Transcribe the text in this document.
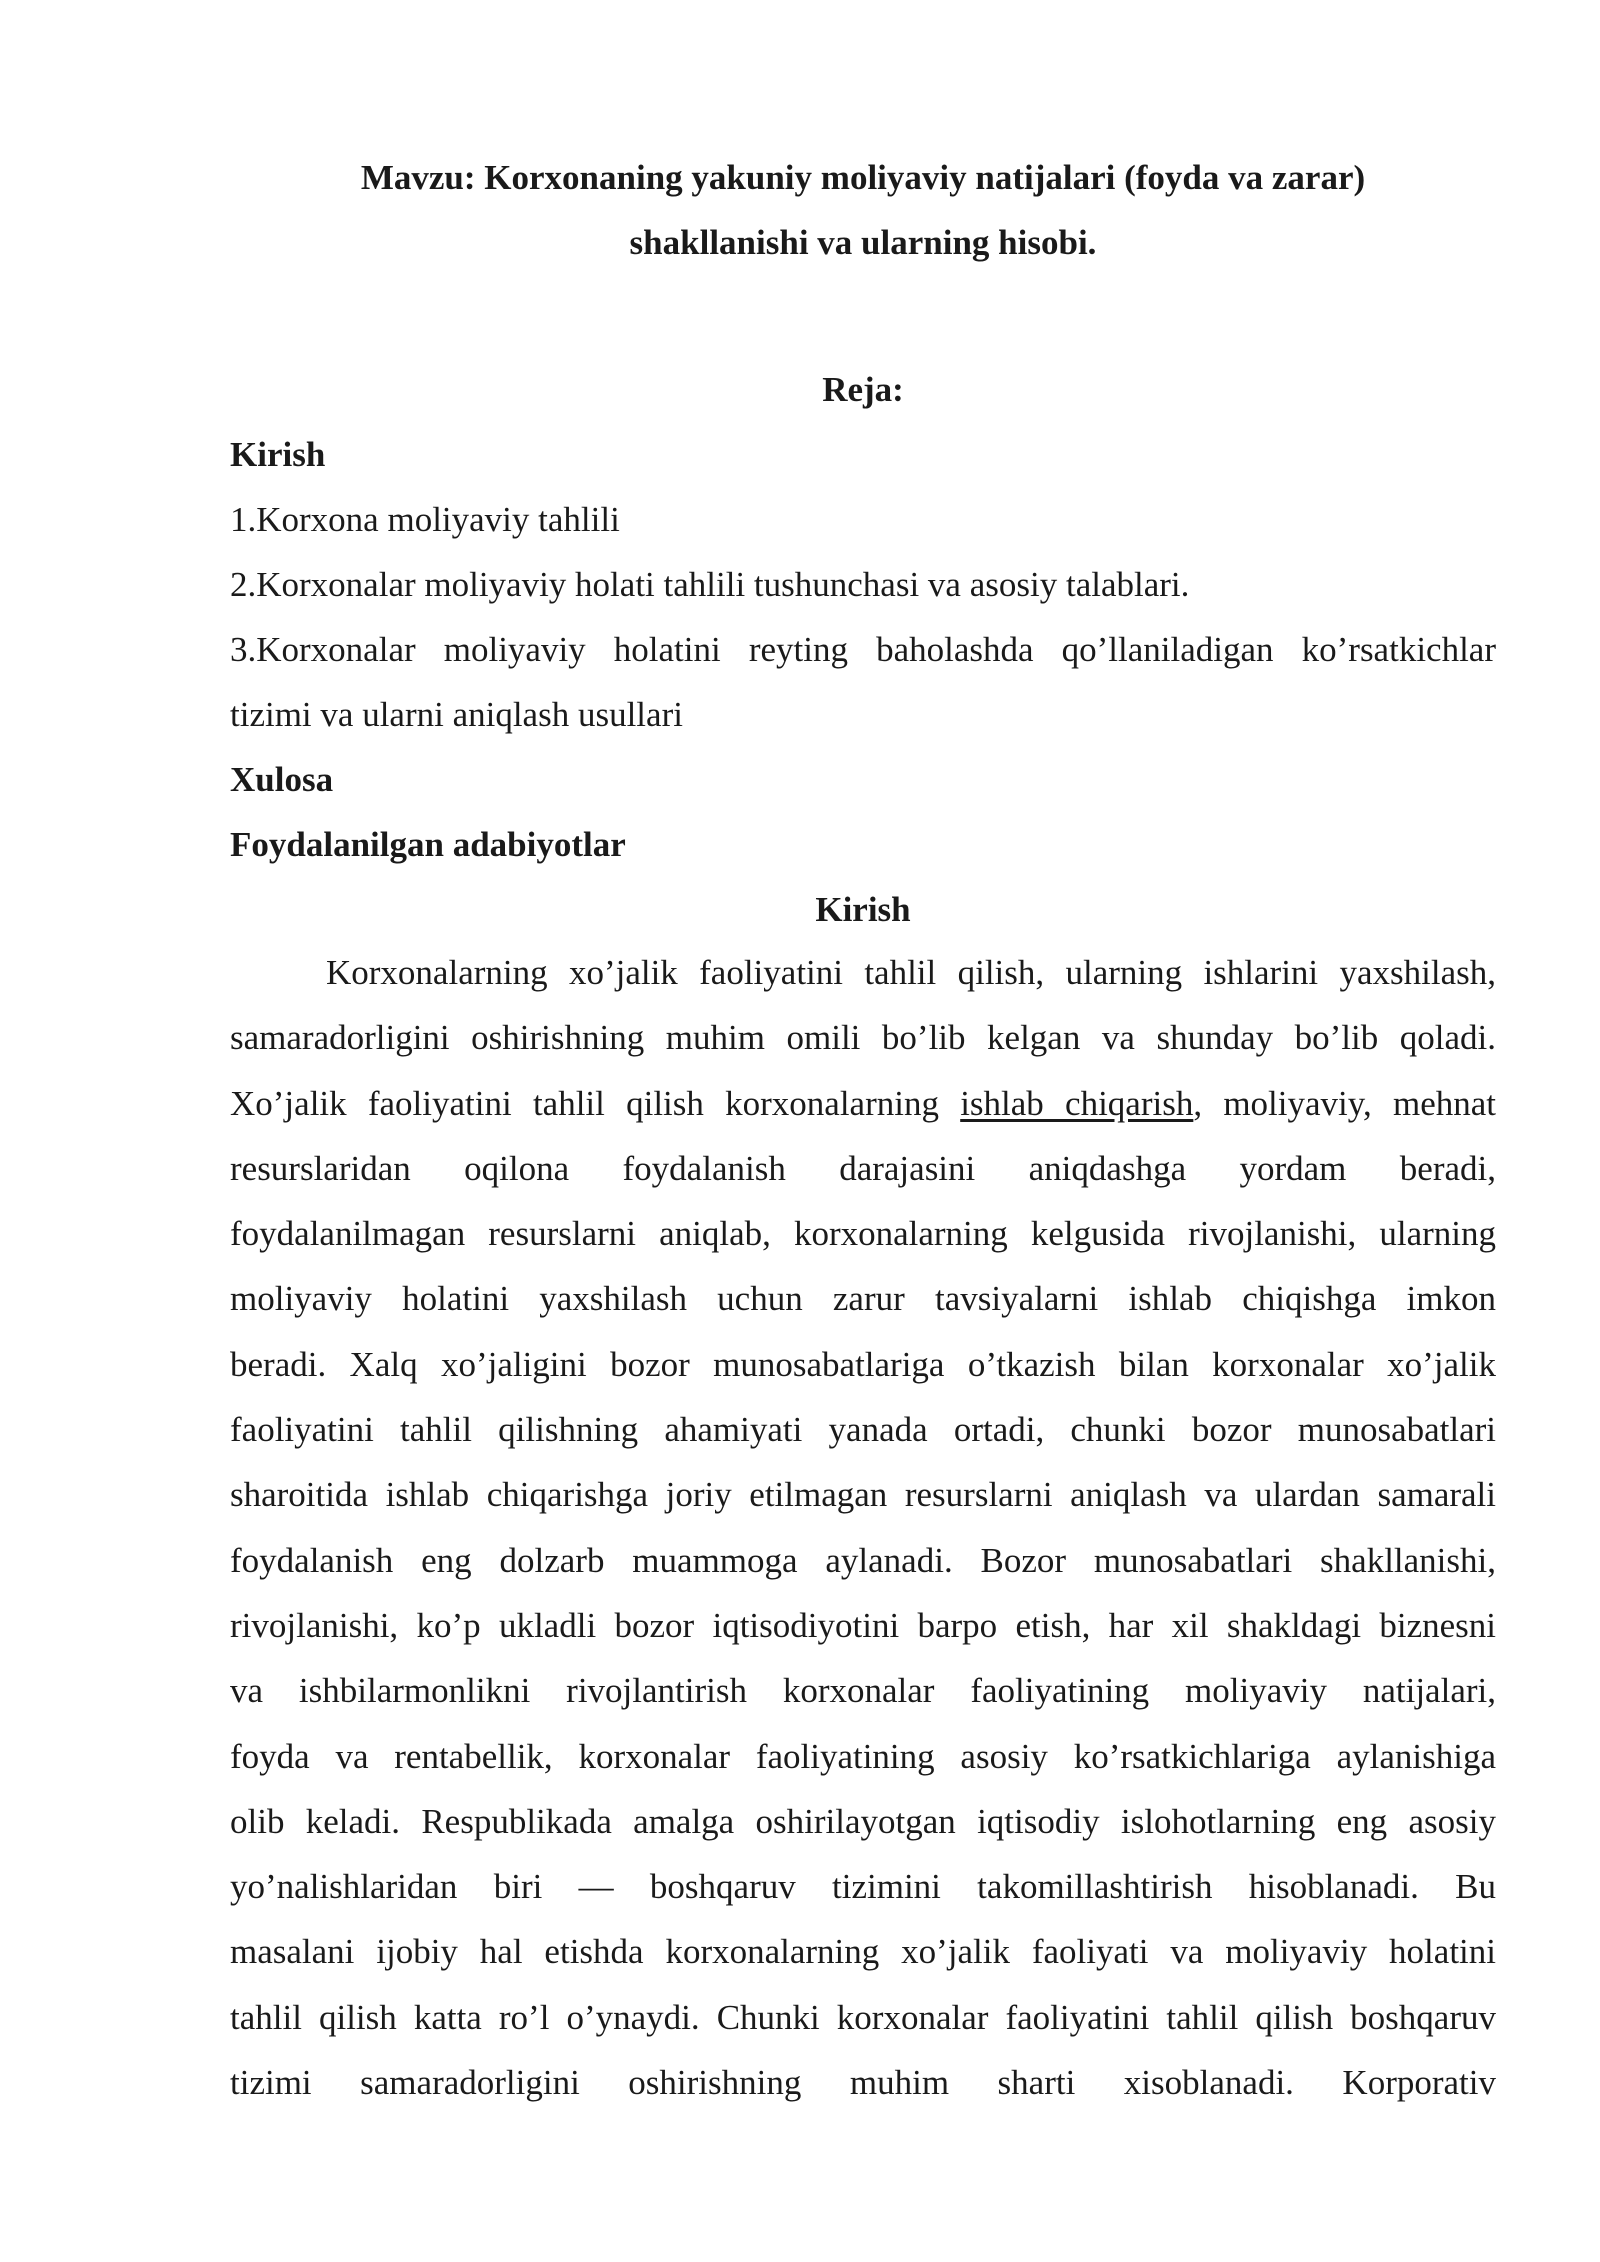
Mavzu: Korxonaning yakuniy moliyaviy natijalari (foyda va zarar)
shakllanishi va ularning hisobi.
Reja:
Kirish
1.Korxona moliyaviy tahlili
2.Korxonalar moliyaviy holati tahlili tushunchasi va asosiy talablari.
3.Korxonalar moliyaviy holatini reyting baholashda qo’llaniladigan ko’rsatkichlar
tizimi va ularni aniqlash usullari
Xulosa
Foydalanilgan adabiyotlar
Kirish
Korxonalarning xo’jalik faoliyatini tahlil qilish, ularning ishlarini yaxshilash,
samaradorligini oshirishning muhim omili bo’lib kelgan va shunday bo’lib qoladi.
Xo’jalik faoliyatini tahlil qilish korxonalarning ishlab chiqarish, moliyaviy, mehnat
resurslaridan oqilona foydalanish darajasini aniqdashga yordam beradi,
foydalanilmagan resurslarni aniqlab, korxonalarning kelgusida rivojlanishi, ularning
moliyaviy holatini yaxshilash uchun zarur tavsiyalarni ishlab chiqishga imkon
beradi. Xalq xo’jaligini bozor munosabatlariga o’tkazish bilan korxonalar xo’jalik
faoliyatini tahlil qilishning ahamiyati yanada ortadi, chunki bozor munosabatlari
sharoitida ishlab chiqarishga joriy etilmagan resurslarni aniqlash va ulardan samarali
foydalanish eng dolzarb muammoga aylanadi. Bozor munosabatlari shakllanishi,
rivojlanishi, ko’p ukladli bozor iqtisodiyotini barpo etish, har xil shakldagi biznesni
va ishbilarmonlikni rivojlantirish korxonalar faoliyatining moliyaviy natijalari,
foyda va rentabellik, korxonalar faoliyatining asosiy ko’rsatkichlariga aylanishiga
olib keladi. Respublikada amalga oshirilayotgan iqtisodiy islohotlarning eng asosiy
yo’nalishlaridan biri — boshqaruv tizimini takomillashtirish hisoblanadi. Bu
masalani ijobiy hal etishda korxonalarning xo’jalik faoliyati va moliyaviy holatini
tahlil qilish katta ro’l o’ynaydi. Chunki korxonalar faoliyatini tahlil qilish boshqaruv
tizimi samaradorligini oshirishning muhim sharti xisoblanadi. Korporativ
